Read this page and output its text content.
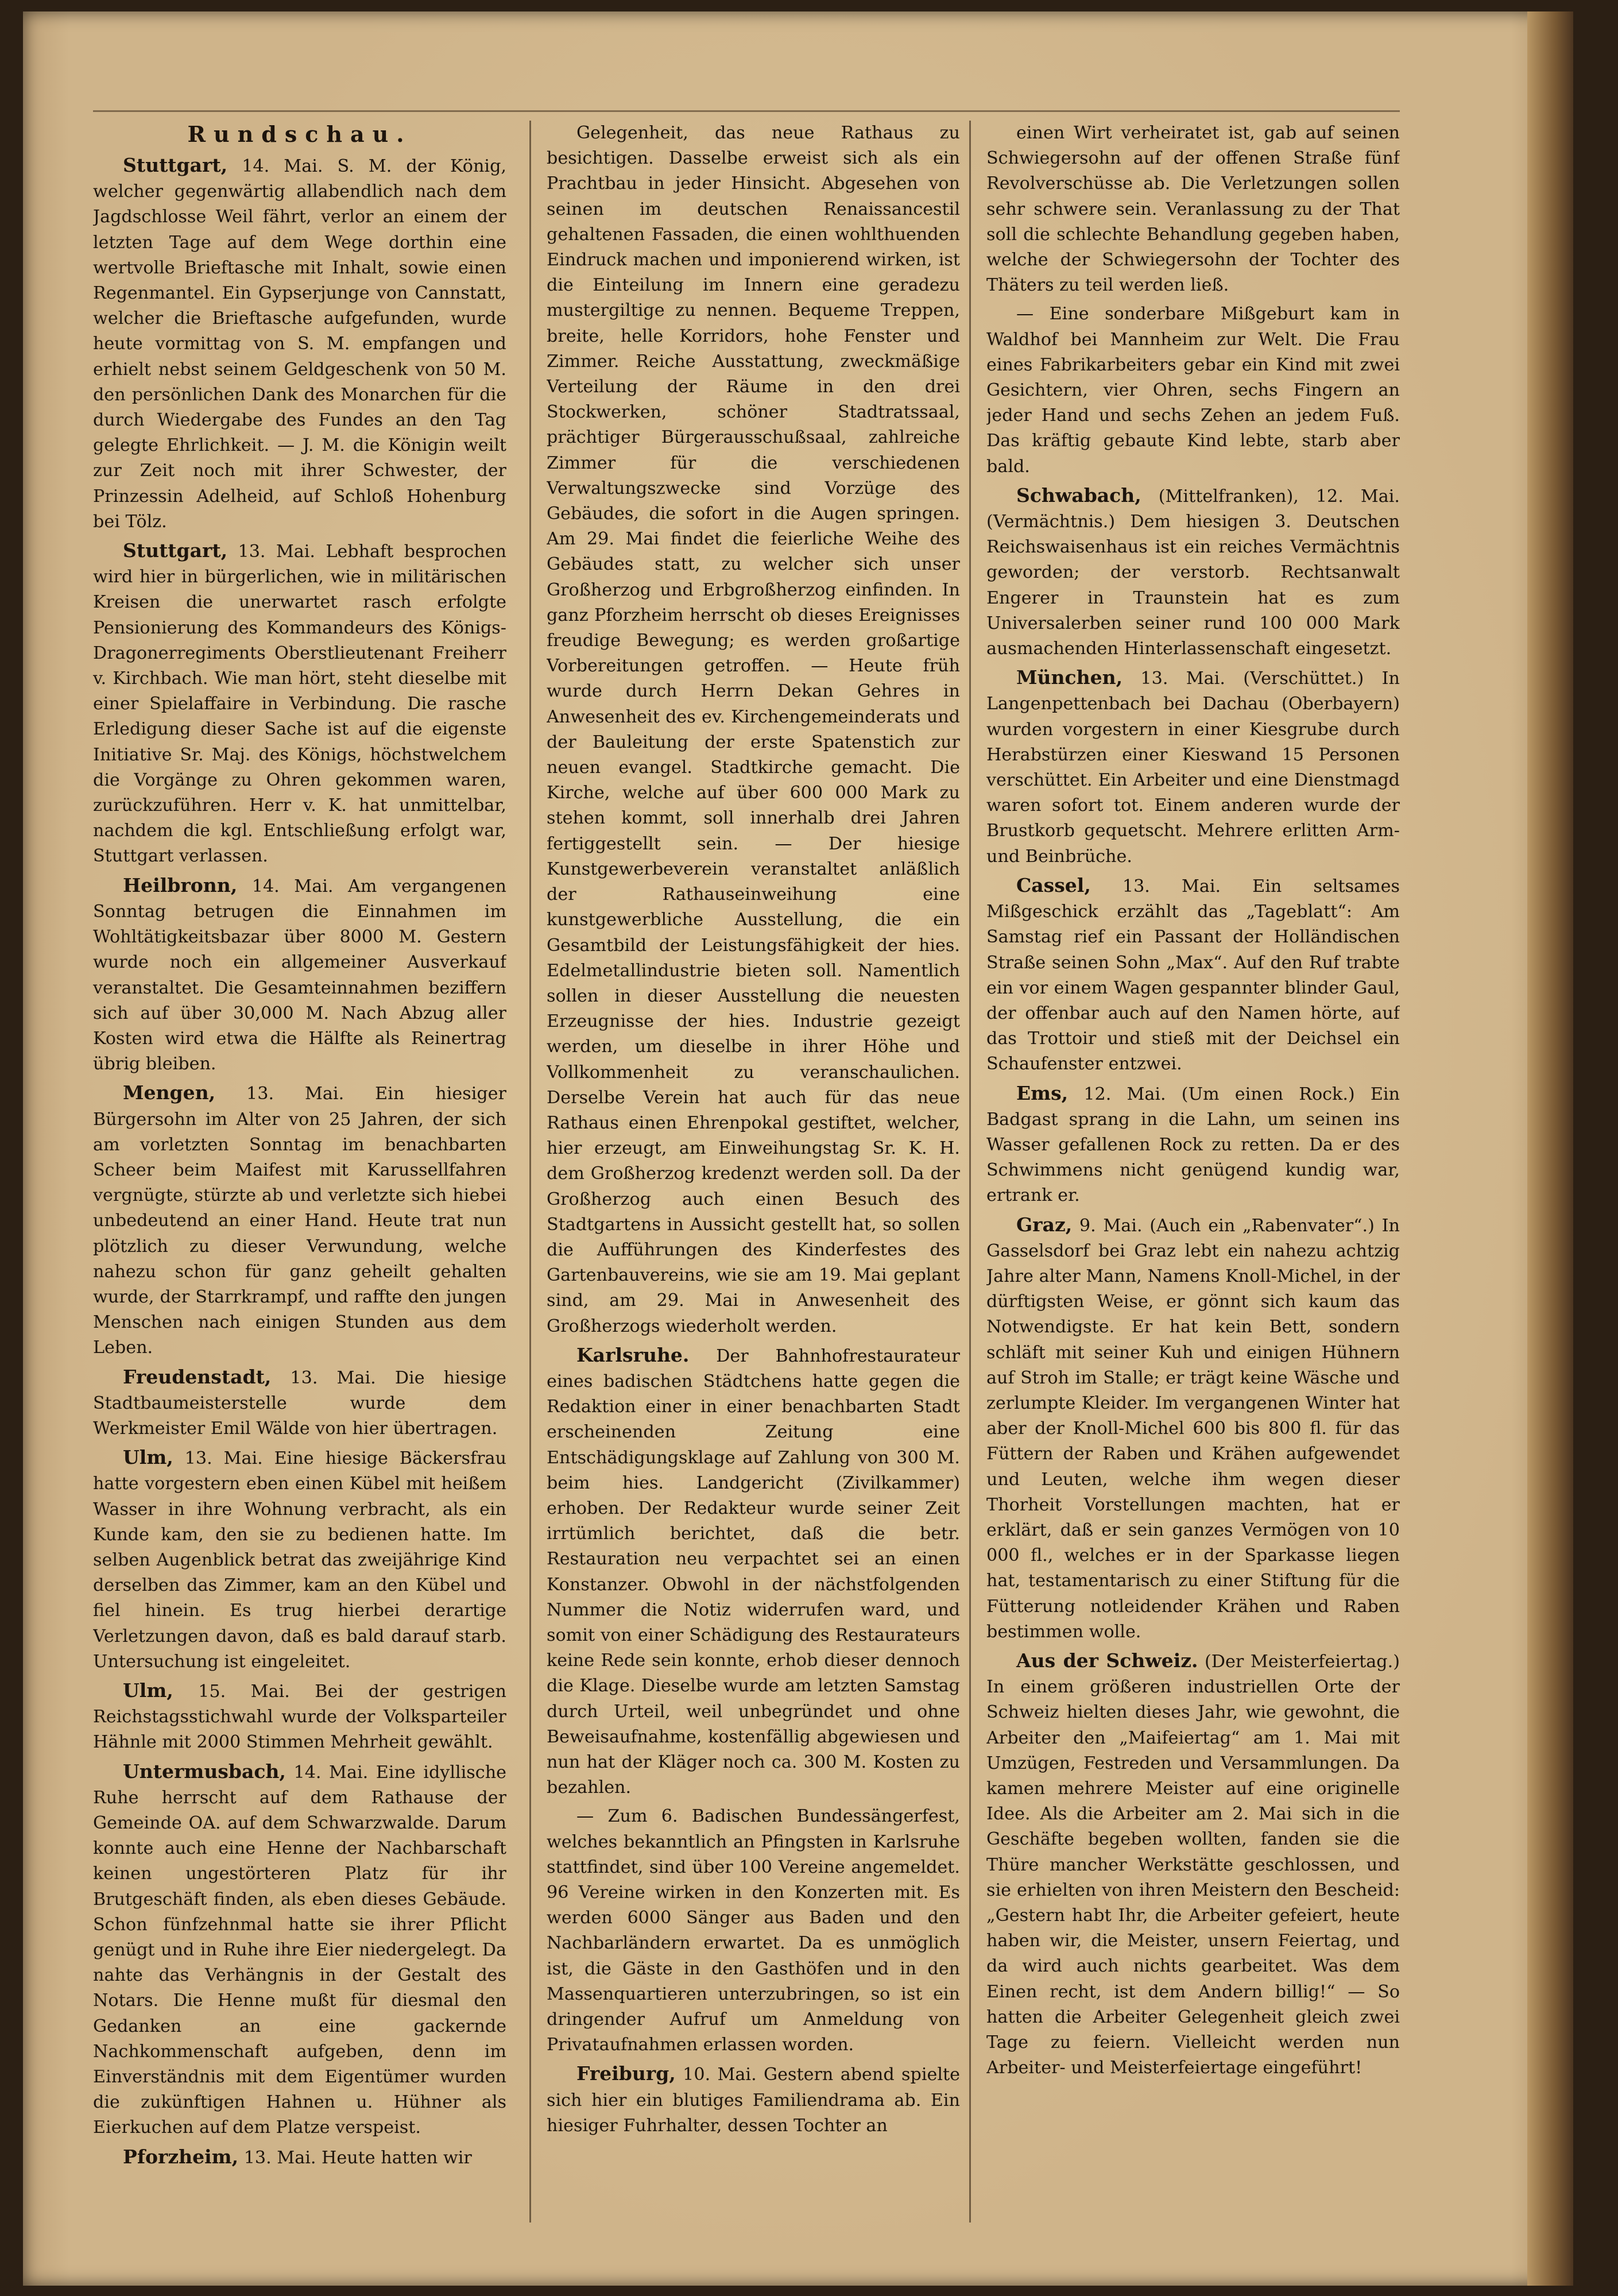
Rundschau.

Stuttgart, 14. Mai. S. M. der König, welcher gegenwärtig allabendlich nach dem Jagdschlosse Weil fährt, verlor an einem der letzten Tage auf dem Wege dorthin eine wertvolle Brieftasche mit Inhalt, sowie einen Regenmantel. Ein Gypserjunge von Cannstatt, welcher die Brieftasche aufgefunden, wurde heute vormittag von S. M. empfangen und erhielt nebst seinem Geldgeschenk von 50 M. den persönlichen Dank des Monarchen für die durch Wiedergabe des Fundes an den Tag gelegte Ehrlichkeit. — J. M. die Königin weilt zur Zeit noch mit ihrer Schwester, der Prinzessin Adelheid, auf Schloß Hohenburg bei Tölz.

Stuttgart, 13. Mai. Lebhaft besprochen wird hier in bürgerlichen, wie in militärischen Kreisen die unerwartet rasch erfolgte Pensionierung des Kommandeurs des Königs-Dragonerregiments Oberstlieutenant Freiherr v. Kirchbach. Wie man hört, steht dieselbe mit einer Spielaffaire in Verbindung. Die rasche Erledigung dieser Sache ist auf die eigenste Initiative Sr. Maj. des Königs, höchstwelchem die Vorgänge zu Ohren gekommen waren, zurückzuführen. Herr v. K. hat unmittelbar, nachdem die kgl. Entschließung erfolgt war, Stuttgart verlassen.

Heilbronn, 14. Mai. Am vergangenen Sonntag betrugen die Einnahmen im Wohltätigkeitsbazar über 8000 M. Gestern wurde noch ein allgemeiner Ausverkauf veranstaltet. Die Gesamteinnahmen beziffern sich auf über 30,000 M. Nach Abzug aller Kosten wird etwa die Hälfte als Reinertrag übrig bleiben.

Mengen, 13. Mai. Ein hiesiger Bürgersohn im Alter von 25 Jahren, der sich am vorletzten Sonntag im benachbarten Scheer beim Maifest mit Karussellfahren vergnügte, stürzte ab und verletzte sich hiebei unbedeutend an einer Hand. Heute trat nun plötzlich zu dieser Verwundung, welche nahezu schon für ganz geheilt gehalten wurde, der Starrkrampf, und raffte den jungen Menschen nach einigen Stunden aus dem Leben.

Freudenstadt, 13. Mai. Die hiesige Stadtbaumeisterstelle wurde dem Werkmeister Emil Wälde von hier übertragen.

Ulm, 13. Mai. Eine hiesige Bäckersfrau hatte vorgestern eben einen Kübel mit heißem Wasser in ihre Wohnung verbracht, als ein Kunde kam, den sie zu bedienen hatte. Im selben Augenblick betrat das zweijährige Kind derselben das Zimmer, kam an den Kübel und fiel hinein. Es trug hierbei derartige Verletzungen davon, daß es bald darauf starb. Untersuchung ist eingeleitet.

Ulm, 15. Mai. Bei der gestrigen Reichstagsstichwahl wurde der Volksparteiler Hähnle mit 2000 Stimmen Mehrheit gewählt.

Untermusbach, 14. Mai. Eine idyllische Ruhe herrscht auf dem Rathause der Gemeinde OA. auf dem Schwarzwalde. Darum konnte auch eine Henne der Nachbarschaft keinen ungestörteren Platz für ihr Brutgeschäft finden, als eben dieses Gebäude. Schon fünfzehnmal hatte sie ihrer Pflicht genügt und in Ruhe ihre Eier niedergelegt. Da nahte das Verhängnis in der Gestalt des Notars. Die Henne mußt für diesmal den Gedanken an eine gackernde Nachkommenschaft aufgeben, denn im Einverständnis mit dem Eigentümer wurden die zukünftigen Hahnen u. Hühner als Eierkuchen auf dem Platze verspeist.

Pforzheim, 13. Mai. Heute hatten wir

Gelegenheit, das neue Rathaus zu besichtigen. Dasselbe erweist sich als ein Prachtbau in jeder Hinsicht. Abgesehen von seinen im deutschen Renaissancestil gehaltenen Fassaden, die einen wohlthuenden Eindruck machen und imponierend wirken, ist die Einteilung im Innern eine geradezu mustergiltige zu nennen. Bequeme Treppen, breite, helle Korridors, hohe Fenster und Zimmer. Reiche Ausstattung, zweckmäßige Verteilung der Räume in den drei Stockwerken, schöner Stadtratssaal, prächtiger Bürgerausschußsaal, zahlreiche Zimmer für die verschiedenen Verwaltungszwecke sind Vorzüge des Gebäudes, die sofort in die Augen springen. Am 29. Mai findet die feierliche Weihe des Gebäudes statt, zu welcher sich unser Großherzog und Erbgroßherzog einfinden. In ganz Pforzheim herrscht ob dieses Ereignisses freudige Bewegung; es werden großartige Vorbereitungen getroffen. — Heute früh wurde durch Herrn Dekan Gehres in Anwesenheit des ev. Kirchengemeinderats und der Bauleitung der erste Spatenstich zur neuen evangel. Stadtkirche gemacht. Die Kirche, welche auf über 600 000 Mark zu stehen kommt, soll innerhalb drei Jahren fertiggestellt sein. — Der hiesige Kunstgewerbeverein veranstaltet anläßlich der Rathauseinweihung eine kunstgewerbliche Ausstellung, die ein Gesamtbild der Leistungsfähigkeit der hies. Edelmetallindustrie bieten soll. Namentlich sollen in dieser Ausstellung die neuesten Erzeugnisse der hies. Industrie gezeigt werden, um dieselbe in ihrer Höhe und Vollkommenheit zu veranschaulichen. Derselbe Verein hat auch für das neue Rathaus einen Ehrenpokal gestiftet, welcher, hier erzeugt, am Einweihungstag Sr. K. H. dem Großherzog kredenzt werden soll. Da der Großherzog auch einen Besuch des Stadtgartens in Aussicht gestellt hat, so sollen die Aufführungen des Kinderfestes des Gartenbauvereins, wie sie am 19. Mai geplant sind, am 29. Mai in Anwesenheit des Großherzogs wiederholt werden.

Karlsruhe. Der Bahnhofrestaurateur eines badischen Städtchens hatte gegen die Redaktion einer in einer benachbarten Stadt erscheinenden Zeitung eine Entschädigungsklage auf Zahlung von 300 M. beim hies. Landgericht (Zivilkammer) erhoben. Der Redakteur wurde seiner Zeit irrtümlich berichtet, daß die betr. Restauration neu verpachtet sei an einen Konstanzer. Obwohl in der nächstfolgenden Nummer die Notiz widerrufen ward, und somit von einer Schädigung des Restaurateurs keine Rede sein konnte, erhob dieser dennoch die Klage. Dieselbe wurde am letzten Samstag durch Urteil, weil unbegründet und ohne Beweisaufnahme, kostenfällig abgewiesen und nun hat der Kläger noch ca. 300 M. Kosten zu bezahlen.

— Zum 6. Badischen Bundessängerfest, welches bekanntlich an Pfingsten in Karlsruhe stattfindet, sind über 100 Vereine angemeldet. 96 Vereine wirken in den Konzerten mit. Es werden 6000 Sänger aus Baden und den Nachbarländern erwartet. Da es unmöglich ist, die Gäste in den Gasthöfen und in den Massenquartieren unterzubringen, so ist ein dringender Aufruf um Anmeldung von Privataufnahmen erlassen worden.

Freiburg, 10. Mai. Gestern abend spielte sich hier ein blutiges Familiendrama ab. Ein hiesiger Fuhrhalter, dessen Tochter an

einen Wirt verheiratet ist, gab auf seinen Schwiegersohn auf der offenen Straße fünf Revolverschüsse ab. Die Verletzungen sollen sehr schwere sein. Veranlassung zu der That soll die schlechte Behandlung gegeben haben, welche der Schwiegersohn der Tochter des Thäters zu teil werden ließ.

— Eine sonderbare Mißgeburt kam in Waldhof bei Mannheim zur Welt. Die Frau eines Fabrikarbeiters gebar ein Kind mit zwei Gesichtern, vier Ohren, sechs Fingern an jeder Hand und sechs Zehen an jedem Fuß. Das kräftig gebaute Kind lebte, starb aber bald.

Schwabach, (Mittelfranken), 12. Mai. (Vermächtnis.) Dem hiesigen 3. Deutschen Reichswaisenhaus ist ein reiches Vermächtnis geworden; der verstorb. Rechtsanwalt Engerer in Traunstein hat es zum Universalerben seiner rund 100 000 Mark ausmachenden Hinterlassenschaft eingesetzt.

München, 13. Mai. (Verschüttet.) In Langenpettenbach bei Dachau (Oberbayern) wurden vorgestern in einer Kiesgrube durch Herabstürzen einer Kieswand 15 Personen verschüttet. Ein Arbeiter und eine Dienstmagd waren sofort tot. Einem anderen wurde der Brustkorb gequetscht. Mehrere erlitten Arm- und Beinbrüche.

Cassel, 13. Mai. Ein seltsames Mißgeschick erzählt das „Tageblatt“: Am Samstag rief ein Passant der Holländischen Straße seinen Sohn „Max“. Auf den Ruf trabte ein vor einem Wagen gespannter blinder Gaul, der offenbar auch auf den Namen hörte, auf das Trottoir und stieß mit der Deichsel ein Schaufenster entzwei.

Ems, 12. Mai. (Um einen Rock.) Ein Badgast sprang in die Lahn, um seinen ins Wasser gefallenen Rock zu retten. Da er des Schwimmens nicht genügend kundig war, ertrank er.

Graz, 9. Mai. (Auch ein „Rabenvater“.) In Gasselsdorf bei Graz lebt ein nahezu achtzig Jahre alter Mann, Namens Knoll-Michel, in der dürftigsten Weise, er gönnt sich kaum das Notwendigste. Er hat kein Bett, sondern schläft mit seiner Kuh und einigen Hühnern auf Stroh im Stalle; er trägt keine Wäsche und zerlumpte Kleider. Im vergangenen Winter hat aber der Knoll-Michel 600 bis 800 fl. für das Füttern der Raben und Krähen aufgewendet und Leuten, welche ihm wegen dieser Thorheit Vorstellungen machten, hat er erklärt, daß er sein ganzes Vermögen von 10 000 fl., welches er in der Sparkasse liegen hat, testamentarisch zu einer Stiftung für die Fütterung notleidender Krähen und Raben bestimmen wolle.

Aus der Schweiz. (Der Meisterfeiertag.) In einem größeren industriellen Orte der Schweiz hielten dieses Jahr, wie gewohnt, die Arbeiter den „Maifeiertag“ am 1. Mai mit Umzügen, Festreden und Versammlungen. Da kamen mehrere Meister auf eine originelle Idee. Als die Arbeiter am 2. Mai sich in die Geschäfte begeben wollten, fanden sie die Thüre mancher Werkstätte geschlossen, und sie erhielten von ihren Meistern den Bescheid: „Gestern habt Ihr, die Arbeiter gefeiert, heute haben wir, die Meister, unsern Feiertag, und da wird auch nichts gearbeitet. Was dem Einen recht, ist dem Andern billig!“ — So hatten die Arbeiter Gelegenheit gleich zwei Tage zu feiern. Vielleicht werden nun Arbeiter- und Meisterfeiertage eingeführt!
